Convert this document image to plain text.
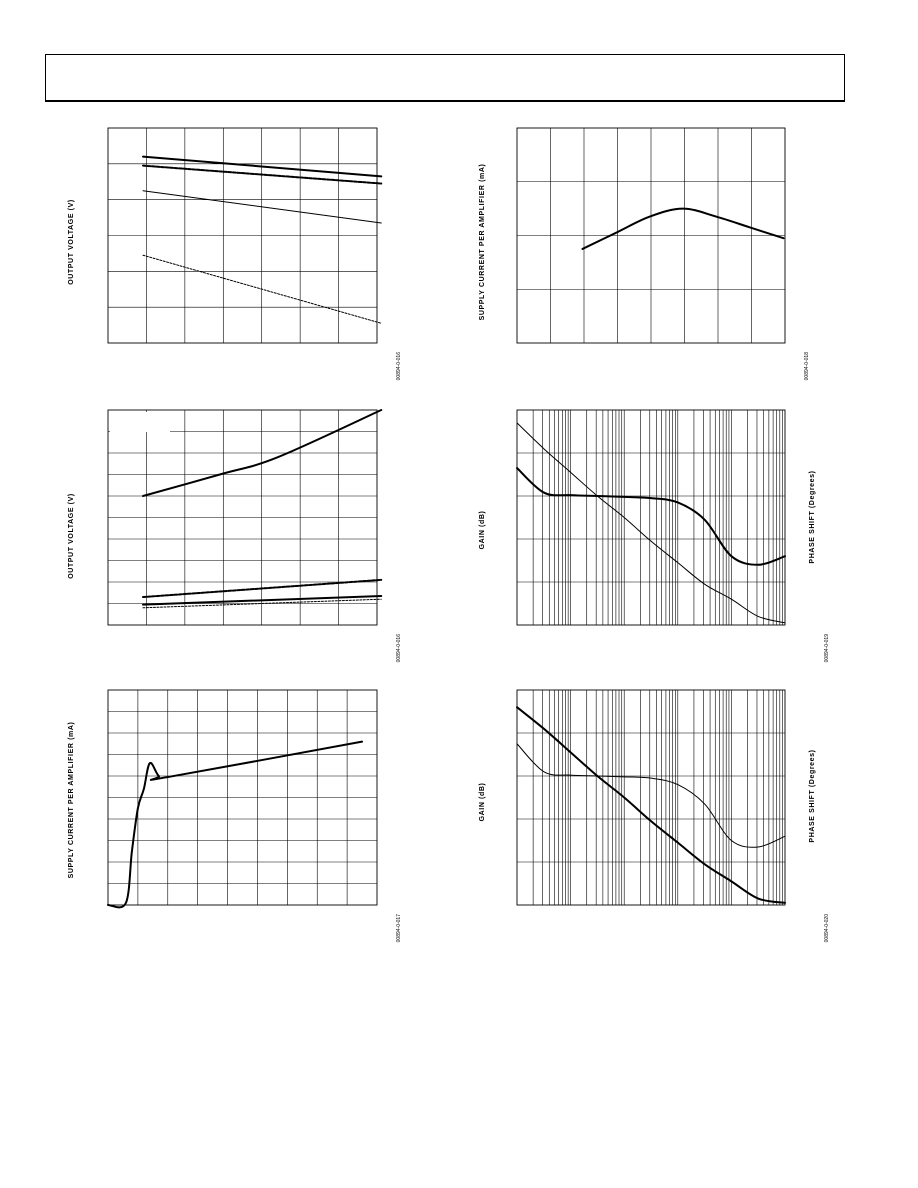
OUTPUT VOLTAGE (V)
00894-0-016
SUPPLY CURRENT PER AMPLIFIER (mA)
00894-0-018
OUTPUT VOLTAGE (V)
00894-0-016
GAIN (dB)	PHASE SHIFT (Degrees)
00894-0-019
SUPPLY CURRENT PER AMPLIFIER (mA)
00894-0-017
GAIN (dB)	PHASE SHIFT (Degrees)
00894-0-020
